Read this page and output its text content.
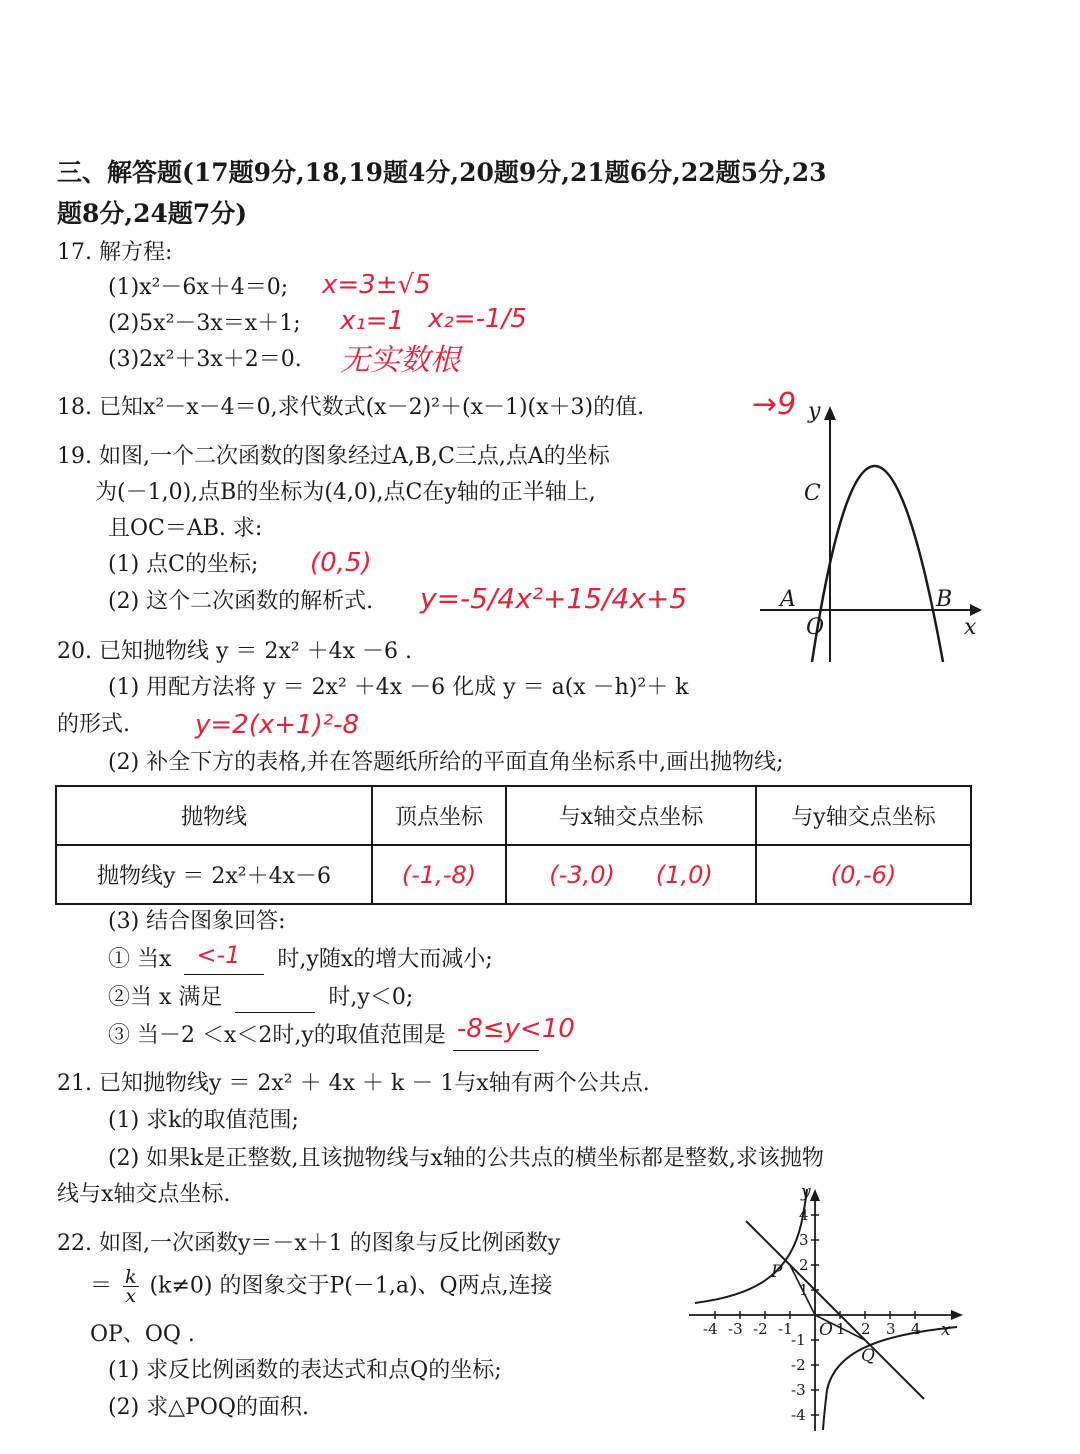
三、解答题(17题9分,18,19题4分,20题9分,21题6分,22题5分,23
题8分,24题7分)
17. 解方程:
(1)x²－6x＋4＝0;
(2)5x²－3x＝x＋1;
(3)2x²＋3x＋2＝0.
x=3±√5
x₁=1 x₂=-1/5
无实数根
18. 已知x²－x－4＝0,求代数式(x－2)²＋(x－1)(x＋3)的值.	→9
19. 如图,一个二次函数的图象经过A,B,C三点,点A的坐标
为(－1,0),点B的坐标为(4,0),点C在y轴的正半轴上,
且OC＝AB. 求:
(1) 点C的坐标;
(2) 这个二次函数的解析式.
(0,5)
y=-5/4x²+15/4x+5
y
x
C
A	B
O
20. 已知抛物线 y ＝ 2x² ＋4x －6 .
(1) 用配方法将 y ＝ 2x² ＋4x －6 化成 y ＝ a(x －h)²＋ k
的形式.	y=2(x+1)²-8
(2) 补全下方的表格,并在答题纸所给的平面直角坐标系中,画出抛物线;
抛物线	顶点坐标	与x轴交点坐标	与y轴交点坐标
抛物线y ＝ 2x²＋4x－6	(-1,-8)	(-3,0) (1,0)	(0,-6)
(3) 结合图象回答:
① 当x <-1 时,y随x的增大而减小;
②当 x 满足	时,y＜0;
③ 当－2 ＜x＜2时,y的取值范围是 -8≤y<10

21. 已知抛物线y ＝ 2x² ＋ 4x ＋ k － 1与x轴有两个公共点.
(1) 求k的取值范围;
(2) 如果k是正整数,且该抛物线与x轴的公共点的横坐标都是整数,求该抛物
线与x轴交点坐标.
22. 如图,一次函数y＝－x＋1 的图象与反比例函数y
＝ $\frac{k}{x} (k\ne 0)$ 的图象交于P(－1,a)、Q两点,连接
OP、OQ .
(1) 求反比例函数的表达式和点Q的坐标;
(2) 求△POQ的面积.
-4 -3 -2 -1	1 2 3 4
4
3
2
1
-1
-2
-3
-4
y
x
O
P
Q
